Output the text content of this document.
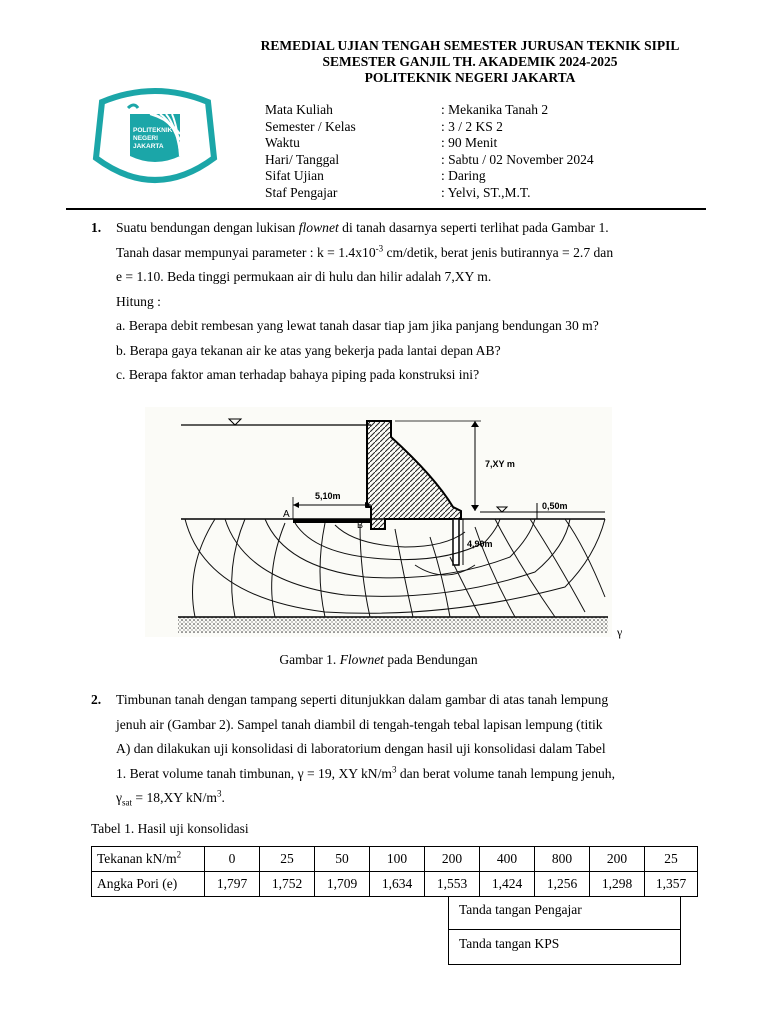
REMEDIAL UJIAN TENGAH SEMESTER JURUSAN TEKNIK SIPIL
SEMESTER GANJIL TH. AKADEMIK 2024-2025
POLITEKNIK NEGERI JAKARTA
POLITEKNIK
NEGERI
JAKARTA
Mata Kuliah	: Mekanika Tanah 2
Semester / Kelas	: 3 / 2 KS 2
Waktu	: 90 Menit
Hari/ Tanggal	: Sabtu / 02 November 2024
Sifat Ujian	: Daring
Staf Pengajar	: Yelvi, ST.,M.T.
1. Suatu bendungan dengan lukisan flownet di tanah dasarnya seperti terlihat pada Gambar 1.
Tanah dasar mempunyai parameter : $k = 1.4x10^{-3}$ cm/detik, berat jenis butirannya = 2.7 dan
e = 1.10. Beda tinggi permukaan air di hulu dan hilir adalah 7,XY m.
Hitung :
a. Berapa debit rembesan yang lewat tanah dasar tiap jam jika panjang bendungan 30 m?
b. Berapa gaya tekanan air ke atas yang bekerja pada lantai depan AB?
c. Berapa faktor aman terhadap bahaya piping pada konstruksi ini?
7,XY m
5,10m
0,50m
4,90m
A
B
γ
Gambar 1. Flownet pada Bendungan
2. Timbunan tanah dengan tampang seperti ditunjukkan dalam gambar di atas tanah lempung
jenuh air (Gambar 2). Sampel tanah diambil di tengah-tengah tebal lapisan lempung (titik
A) dan dilakukan uji konsolidasi di laboratorium dengan hasil uji konsolidasi dalam Tabel
1. Berat volume tanah timbunan, γ = 19, XY $kN/m^3$ dan berat volume tanah lempung jenuh,
$\gamma_{sat} = 18,XY$ $kN/m^3$.
Tabel 1. Hasil uji konsolidasi
Tekanan $kN/m^2$	0	25	50	100	200	400	800	200	25
Angka Pori (e)	1,797	1,752	1,709	1,634	1,553	1,424	1,256	1,298	1,357
Tanda tangan Pengajar
Tanda tangan KPS
